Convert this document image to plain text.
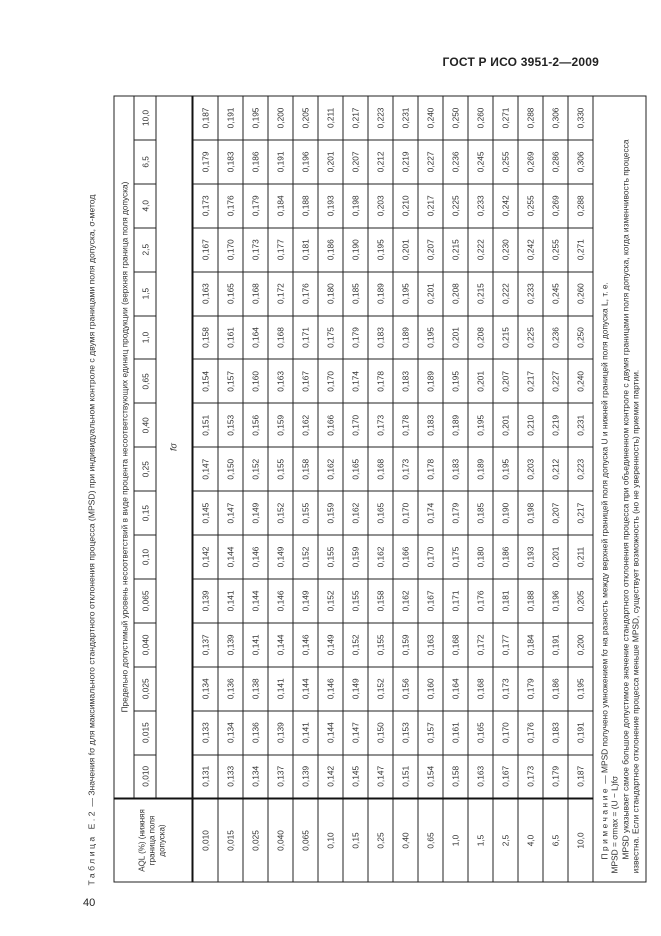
ГОСТ Р ИСО 3951-2—2009
40
Таблица Е.2 — Значения fσ для максимального стандартного отклонения процесса (MPSD) при индивидуальном контроле с двумя границами поля допуска, σ-метод
AQL (%) (нижняя граница поля допуска)	Предельно допустимый уровень несоответствий в виде процента несоответствующих единиц продукции (верхняя граница поля допуска)															
	0,010	0,015	0,025	0,040	0,065	0,10	0,15	0,25	0,40	0,65	1,0	1,5	2,5	4,0	6,5	10,0
	fσ															
0,010	0,131	0,133	0,134	0,137	0,139	0,142	0,145	0,147	0,151	0,154	0,158	0,163	0,167	0,173	0,179	0,187
0,015	0,133	0,134	0,136	0,139	0,141	0,144	0,147	0,150	0,153	0,157	0,161	0,165	0,170	0,176	0,183	0,191
0,025	0,134	0,136	0,138	0,141	0,144	0,146	0,149	0,152	0,156	0,160	0,164	0,168	0,173	0,179	0,186	0,195
0,040	0,137	0,139	0,141	0,144	0,146	0,149	0,152	0,155	0,159	0,163	0,168	0,172	0,177	0,184	0,191	0,200
0,065	0,139	0,141	0,144	0,146	0,149	0,152	0,155	0,158	0,162	0,167	0,171	0,176	0,181	0,188	0,196	0,205
0,10	0,142	0,144	0,146	0,149	0,152	0,155	0,159	0,162	0,166	0,170	0,175	0,180	0,186	0,193	0,201	0,211
0,15	0,145	0,147	0,149	0,152	0,155	0,159	0,162	0,165	0,170	0,174	0,179	0,185	0,190	0,198	0,207	0,217
0,25	0,147	0,150	0,152	0,155	0,158	0,162	0,165	0,168	0,173	0,178	0,183	0,189	0,195	0,203	0,212	0,223
0,40	0,151	0,153	0,156	0,159	0,162	0,166	0,170	0,173	0,178	0,183	0,189	0,195	0,201	0,210	0,219	0,231
0,65	0,154	0,157	0,160	0,163	0,167	0,170	0,174	0,178	0,183	0,189	0,195	0,201	0,207	0,217	0,227	0,240
1,0	0,158	0,161	0,164	0,168	0,171	0,175	0,179	0,183	0,189	0,195	0,201	0,208	0,215	0,225	0,236	0,250
1,5	0,163	0,165	0,168	0,172	0,176	0,180	0,185	0,189	0,195	0,201	0,208	0,215	0,222	0,233	0,245	0,260
2,5	0,167	0,170	0,173	0,177	0,181	0,186	0,190	0,195	0,201	0,207	0,215	0,222	0,230	0,242	0,255	0,271
4,0	0,173	0,176	0,179	0,184	0,188	0,193	0,198	0,203	0,210	0,217	0,225	0,233	0,242	0,255	0,269	0,288
6,5	0,179	0,183	0,186	0,191	0,196	0,201	0,207	0,212	0,219	0,227	0,236	0,245	0,255	0,269	0,286	0,306
10,0	0,187	0,191	0,195	0,200	0,205	0,211	0,217	0,223	0,231	0,240	0,250	0,260	0,271	0,288	0,306	0,330

Примечание — MPSD получено умножением fσ на разность между верхней границей поля допуска U и нижней границей поля допуска L, т. е.
MPSD = σmax = (U − L)fσ MPSD указывает самое большое допустимое значение стандартного отклонения процесса при объединенном контроле с двумя границами поля допуска, когда изменчивость процесса известна. Если стандартное отклонение процесса меньше MPSD, существует возможность (но не уверенность) приемки партии.																
